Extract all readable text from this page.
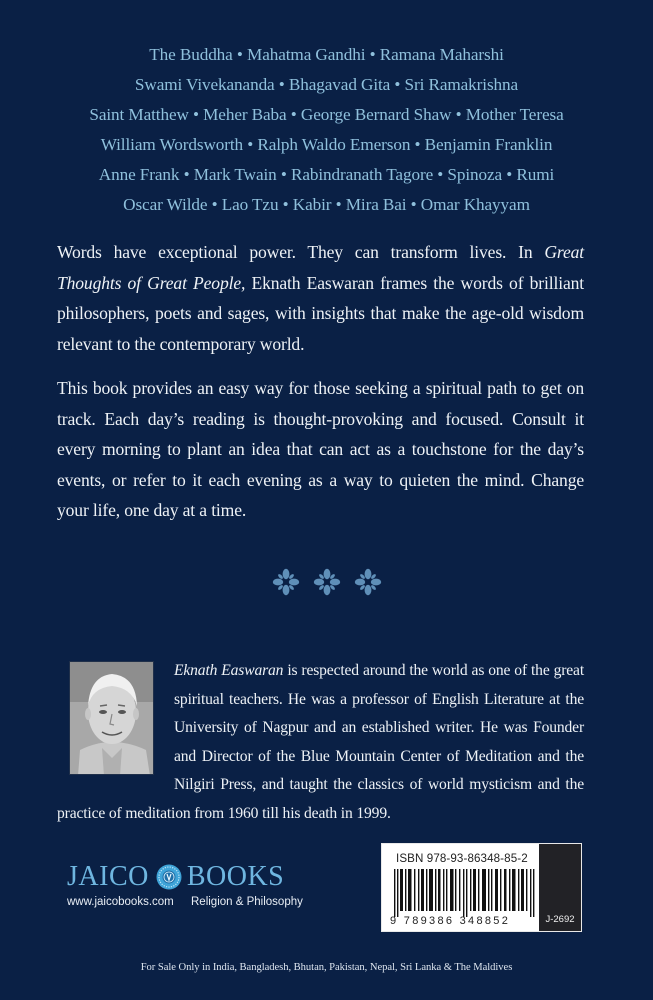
The Buddha • Mahatma Gandhi • Ramana Maharshi
Swami Vivekananda • Bhagavad Gita • Sri Ramakrishna
Saint Matthew • Meher Baba • George Bernard Shaw • Mother Teresa
William Wordsworth • Ralph Waldo Emerson • Benjamin Franklin
Anne Frank • Mark Twain • Rabindranath Tagore • Spinoza • Rumi
Oscar Wilde • Lao Tzu • Kabir • Mira Bai • Omar Khayyam

Words have exceptional power. They can transform lives. In Great Thoughts of Great People, Eknath Easwaran frames the words of brilliant philosophers, poets and sages, with insights that make the age-old wisdom relevant to the contemporary world.

This book provides an easy way for those seeking a spiritual path to get on track. Each day’s reading is thought-provoking and focused. Consult it every morning to plant an idea that can act as a touchstone for the day’s events, or refer to it each evening as a way to quieten the mind. Change your life, one day at a time.

Eknath Easwaran is respected around the world as one of the great spiritual teachers. He was a professor of English Literature at the University of Nagpur and an established writer. He was Founder and Director of the Blue Mountain Center of Meditation and the Nilgiri Press, and taught the classics of world mysticism and the practice of meditation from 1960 till his death in 1999.

JAICO BOOKS
www.jaicobooks.com	Religion & Philosophy
ISBN 978-93-86348-85-2
9 789386 348852	J-2692
For Sale Only in India, Bangladesh, Bhutan, Pakistan, Nepal, Sri Lanka & The Maldives
